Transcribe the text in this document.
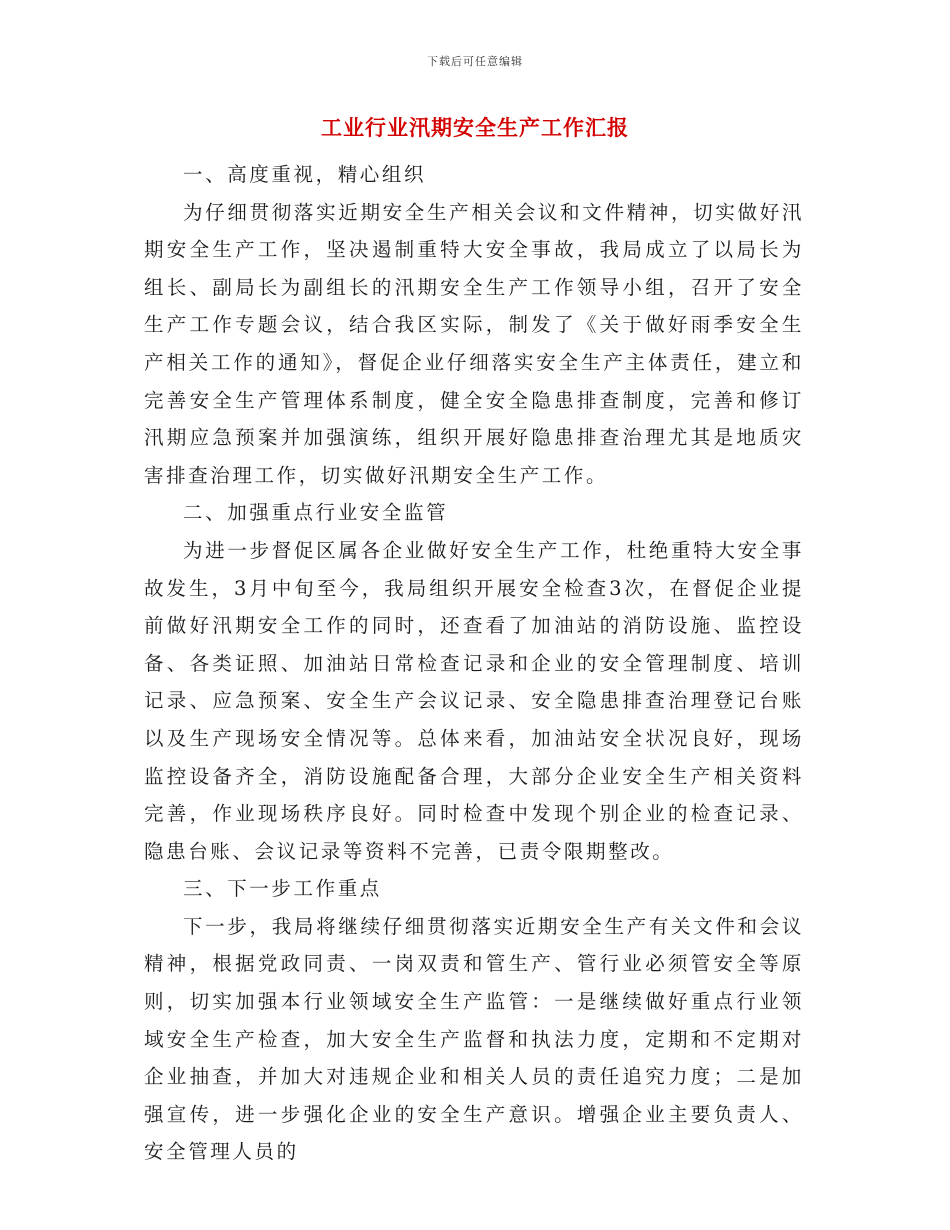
下载后可任意编辑
工业行业汛期安全生产工作汇报

一、高度重视，精心组织

为仔细贯彻落实近期安全生产相关会议和文件精神，切实做好汛期安全生产工作，坚决遏制重特大安全事故，我局成立了以局长为组长、副局长为副组长的汛期安全生产工作领导小组，召开了安全生产工作专题会议，结合我区实际，制发了《关于做好雨季安全生产相关工作的通知》，督促企业仔细落实安全生产主体责任，建立和完善安全生产管理体系制度，健全安全隐患排查制度，完善和修订汛期应急预案并加强演练，组织开展好隐患排查治理尤其是地质灾害排查治理工作，切实做好汛期安全生产工作。

二、加强重点行业安全监管

为进一步督促区属各企业做好安全生产工作，杜绝重特大安全事故发生，3月中旬至今，我局组织开展安全检查3次，在督促企业提前做好汛期安全工作的同时，还查看了加油站的消防设施、监控设备、各类证照、加油站日常检查记录和企业的安全管理制度、培训记录、应急预案、安全生产会议记录、安全隐患排查治理登记台账以及生产现场安全情况等。总体来看，加油站安全状况良好，现场监控设备齐全，消防设施配备合理，大部分企业安全生产相关资料完善，作业现场秩序良好。同时检查中发现个别企业的检查记录、隐患台账、会议记录等资料不完善，已责令限期整改。

三、下一步工作重点

下一步，我局将继续仔细贯彻落实近期安全生产有关文件和会议精神，根据党政同责、一岗双责和管生产、管行业必须管安全等原则，切实加强本行业领域安全生产监管：一是继续做好重点行业领域安全生产检查，加大安全生产监督和执法力度，定期和不定期对企业抽查，并加大对违规企业和相关人员的责任追究力度；二是加强宣传，进一步强化企业的安全生产意识。增强企业主要负责人、安全管理人员的
